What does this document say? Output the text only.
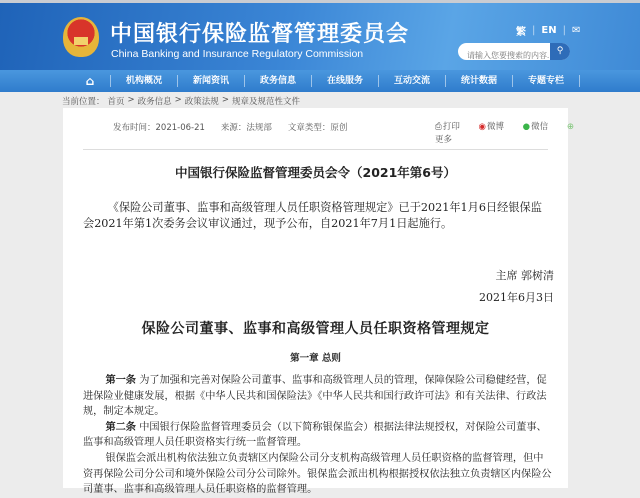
中国银行保险监督管理委员会
China Banking and Insurance Regulatory Commission
繁 | EN | ✉
请输入您要搜索的内容...
⚲
⌂	机构概况	新闻资讯	政务信息	在线服务	互动交流	统计数据	专题专栏
当前位置： 首页 > 政务信息 > 政策法规 > 规章及规范性文件
发布时间：2021-06-21 来源：法规部 文章类型：原创	⎙打印 ◉微博 ●微信 ⊕更多
中国银行保险监督管理委员会令（2021年第6号）
《保险公司董事、监事和高级管理人员任职资格管理规定》已于2021年1月6日经银保监会2021年第1次委务会议审议通过，现予公布，自2021年7月1日起施行。
主席 郭树清
2021年6月3日
保险公司董事、监事和高级管理人员任职资格管理规定
第一章 总则

第一条 为了加强和完善对保险公司董事、监事和高级管理人员的管理，保障保险公司稳健经营，促进保险业健康发展，根据《中华人民共和国保险法》《中华人民共和国行政许可法》和有关法律、行政法规，制定本规定。

第二条 中国银行保险监督管理委员会（以下简称银保监会）根据法律法规授权，对保险公司董事、监事和高级管理人员任职资格实行统一监督管理。

银保监会派出机构依法独立负责辖区内保险公司分支机构高级管理人员任职资格的监督管理，但中资再保险公司分公司和境外保险公司分公司除外。银保监会派出机构根据授权依法独立负责辖区内保险公司董事、监事和高级管理人员任职资格的监督管理。
